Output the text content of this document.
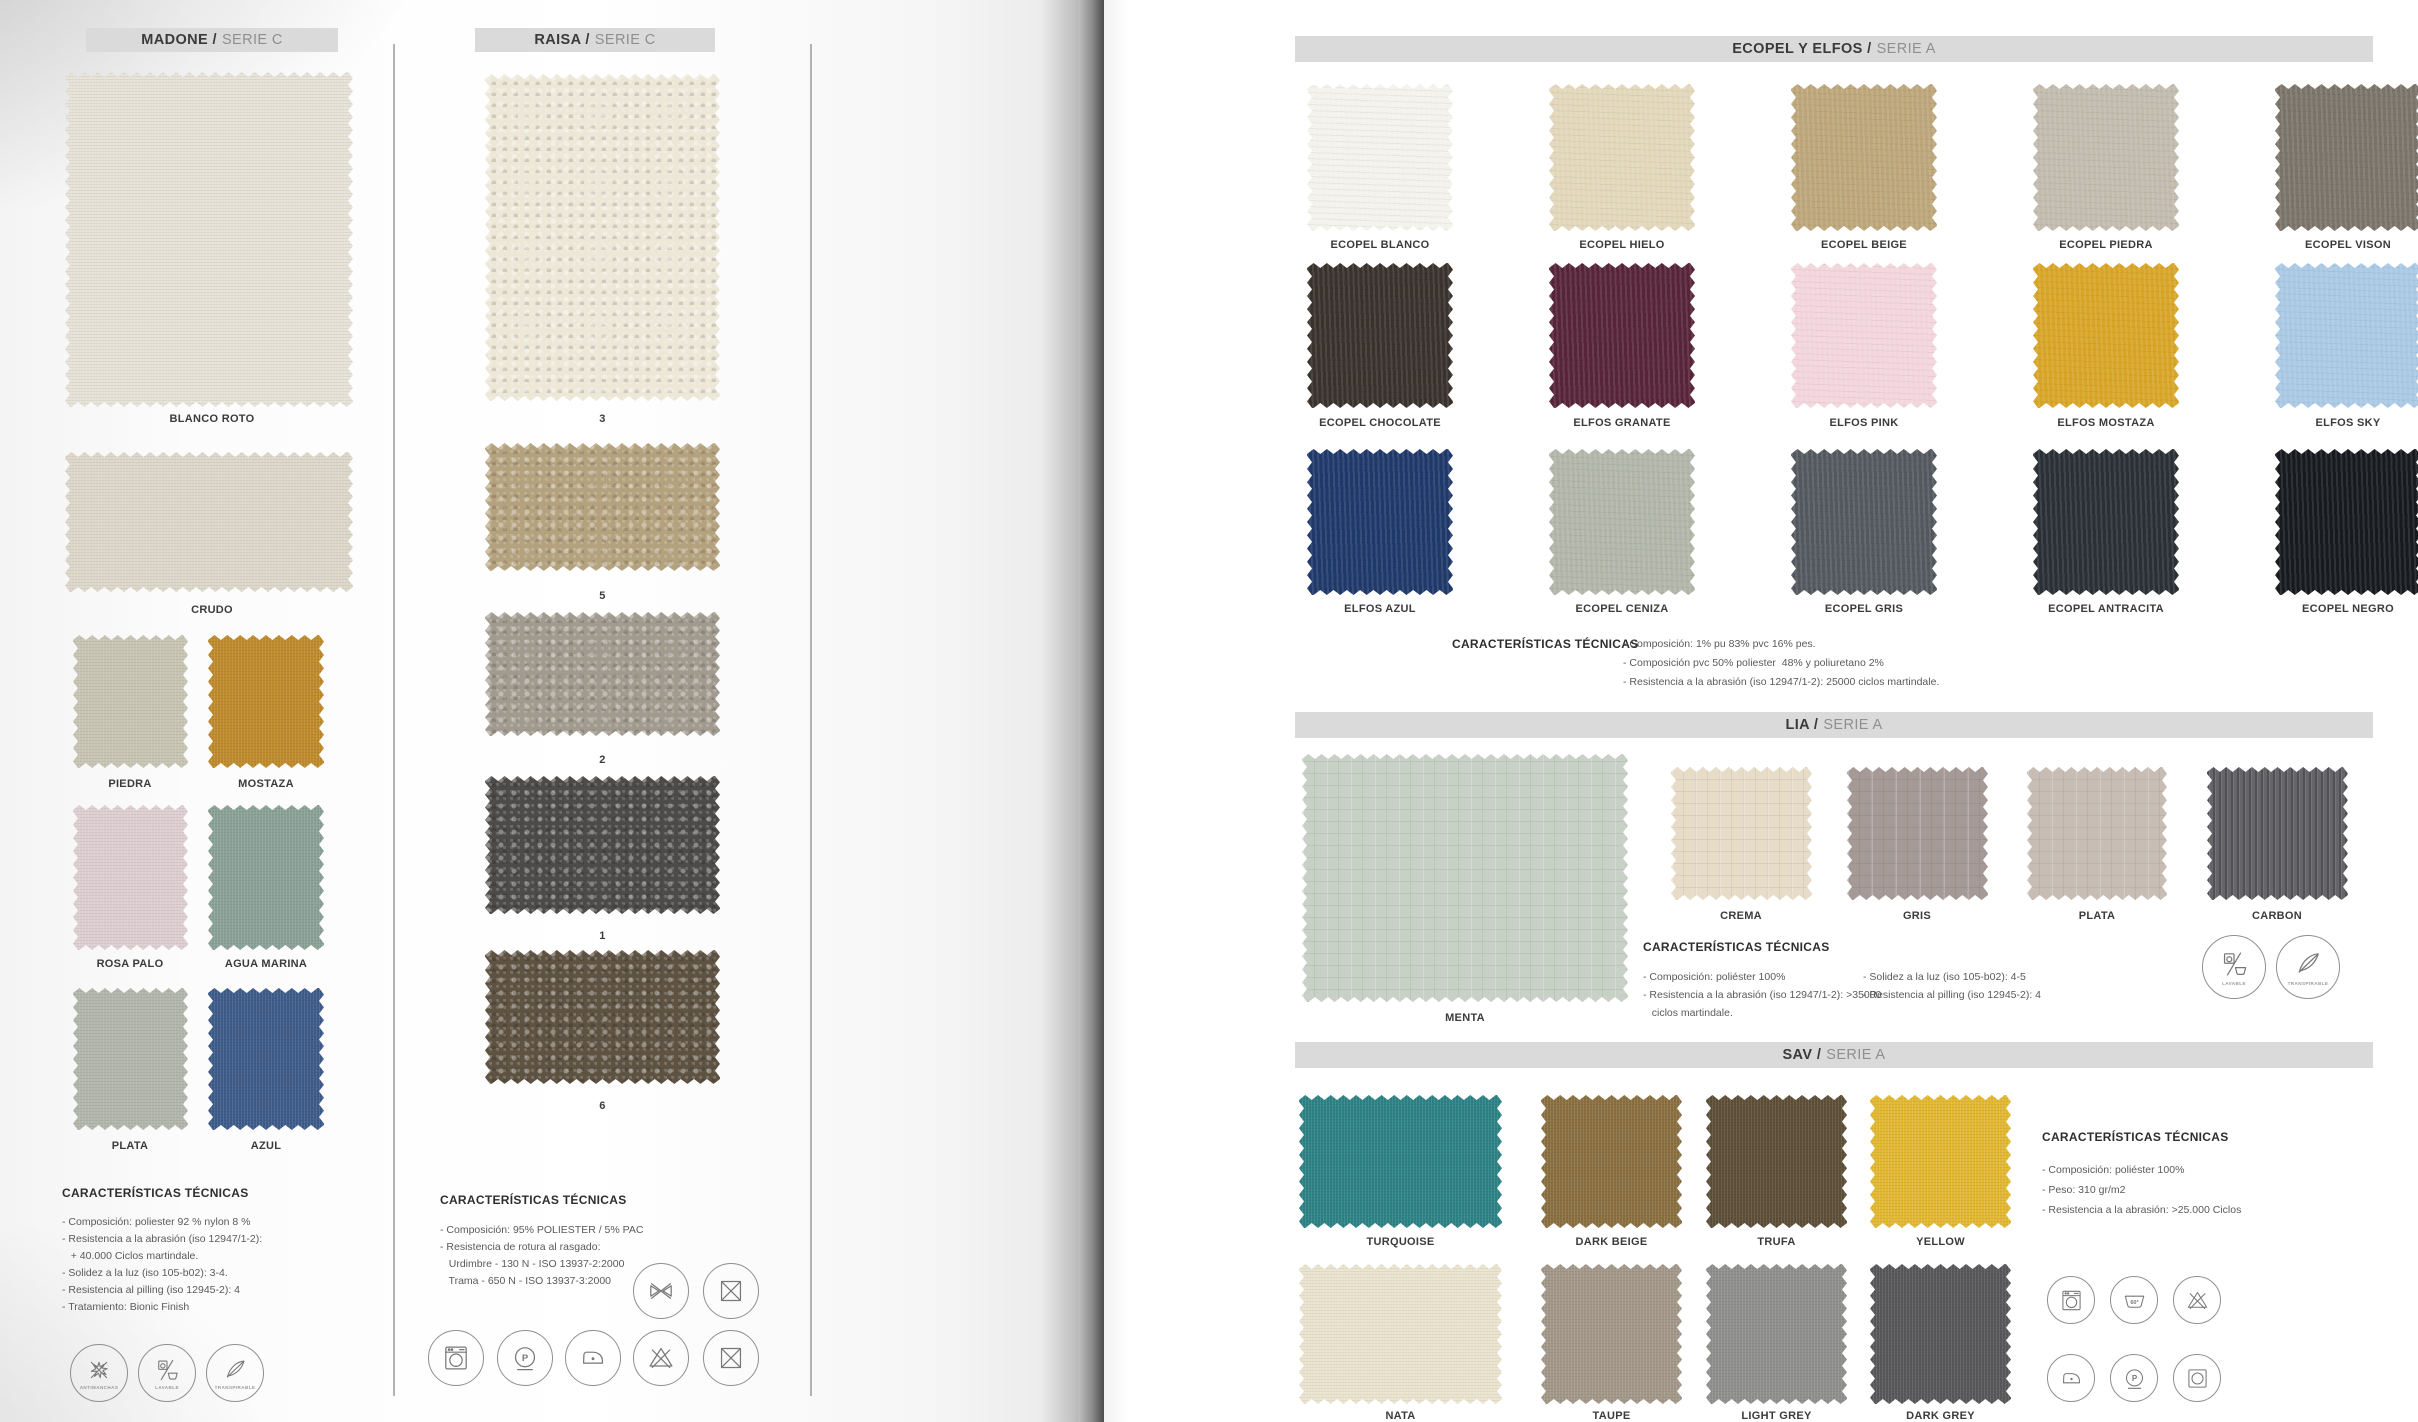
MADONE / SERIE C
BLANCO ROTO
CRUDO
PIEDRA	MOSTAZA
ROSA PALO	AGUA MARINA
PLATA	AZUL
CARACTERÍSTICAS TÉCNICAS
- Composición: poliester 92 % nylon 8 %
- Resistencia a la abrasión (iso 12947/1-2):
+ 40.000 Ciclos martindale.
- Solidez a la luz (iso 105-b02): 3-4.
- Resistencia al pilling (iso 12945-2): 4
- Tratamiento: Bionic Finish
ANTIMANCHAS	LAVABLE	TRANSPIRABLE
RAISA / SERIE C
3
5
2
1
6
CARACTERÍSTICAS TÉCNICAS
- Composición: 95% POLIESTER / 5% PAC
- Resistencia de rotura al rasgado:
Urdimbre - 130 N - ISO 13937-2:2000
Trama - 650 N - ISO 13937-3:2000
ECOPEL Y ELFOS / SERIE A
ECOPEL BLANCO	ECOPEL HIELO	ECOPEL BEIGE	ECOPEL PIEDRA	ECOPEL VISON
ECOPEL CHOCOLATE	ELFOS GRANATE	ELFOS PINK	ELFOS MOSTAZA	ELFOS SKY
ELFOS AZUL	ECOPEL CENIZA	ECOPEL GRIS	ECOPEL ANTRACITA	ECOPEL NEGRO
CARACTERÍSTICAS TÉCNICAS
- Composición: 1% pu 83% pvc 16% pes.
- Composición pvc 50% poliester  48% y poliuretano 2%
- Resistencia a la abrasión (iso 12947/1-2): 25000 ciclos martindale.
LIA / SERIE A
MENTA
CREMA	GRIS	PLATA	CARBON
CARACTERÍSTICAS TÉCNICAS
- Composición: poliéster 100%
- Resistencia a la abrasión (iso 12947/1-2): >35000
ciclos martindale.
- Solidez a la luz (iso 105-b02): 4-5
- Resistencia al pilling (iso 12945-2): 4
LAVABLE	TRANSPIRABLE
SAV / SERIE A
TURQUOISE	DARK BEIGE	TRUFA	YELLOW
NATA	TAUPE	LIGHT GREY	DARK GREY
CARACTERÍSTICAS TÉCNICAS
- Composición: poliéster 100%
- Peso: 310 gr/m2
- Resistencia a la abrasión: >25.000 Ciclos
